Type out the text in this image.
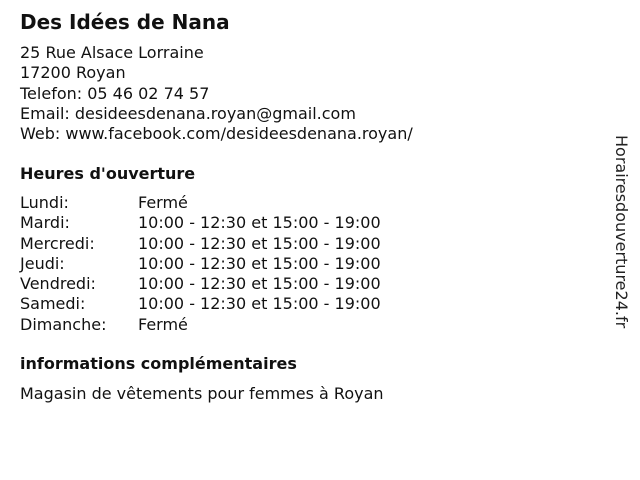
Des Idées de Nana
25 Rue Alsace Lorraine
17200 Royan
Telefon: 05 46 02 74 57
Email: desideesdenana.royan@gmail.com
Web: www.facebook.com/desideesdenana.royan/
Heures d'ouverture
Lundi:	Fermé
Mardi:	10:00 - 12:30 et 15:00 - 19:00
Mercredi:	10:00 - 12:30 et 15:00 - 19:00
Jeudi:	10:00 - 12:30 et 15:00 - 19:00
Vendredi:	10:00 - 12:30 et 15:00 - 19:00
Samedi:	10:00 - 12:30 et 15:00 - 19:00
Dimanche: Fermé
informations complémentaires
Magasin de vêtements pour femmes à Royan
Horairesdouverture24.fr
